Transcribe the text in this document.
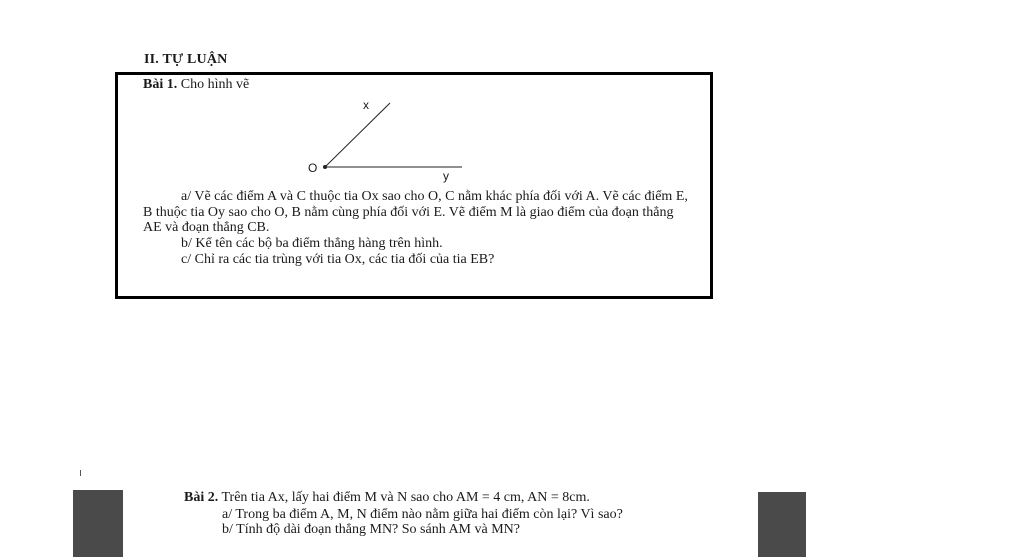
II. TỰ LUẬN
Bài 1. Cho hình vẽ
x
O
y
a/ Vẽ các điểm A và C thuộc tia Ox sao cho O, C nằm khác phía đối với A. Vẽ các điểm E,
B thuộc tia Oy sao cho O, B nằm cùng phía đối với E. Vẽ điểm M là giao điểm của đoạn thẳng
AE và đoạn thẳng CB.
b/ Kể tên các bộ ba điểm thẳng hàng trên hình.
c/ Chỉ ra các tia trùng với tia Ox, các tia đối của tia EB?
Bài 2. Trên tia Ax, lấy hai điểm M và N sao cho AM = 4 cm, AN = 8cm.
a/ Trong ba điểm A, M, N điểm nào nằm giữa hai điểm còn lại? Vì sao?
b/ Tính độ dài đoạn thẳng MN? So sánh AM và MN?
